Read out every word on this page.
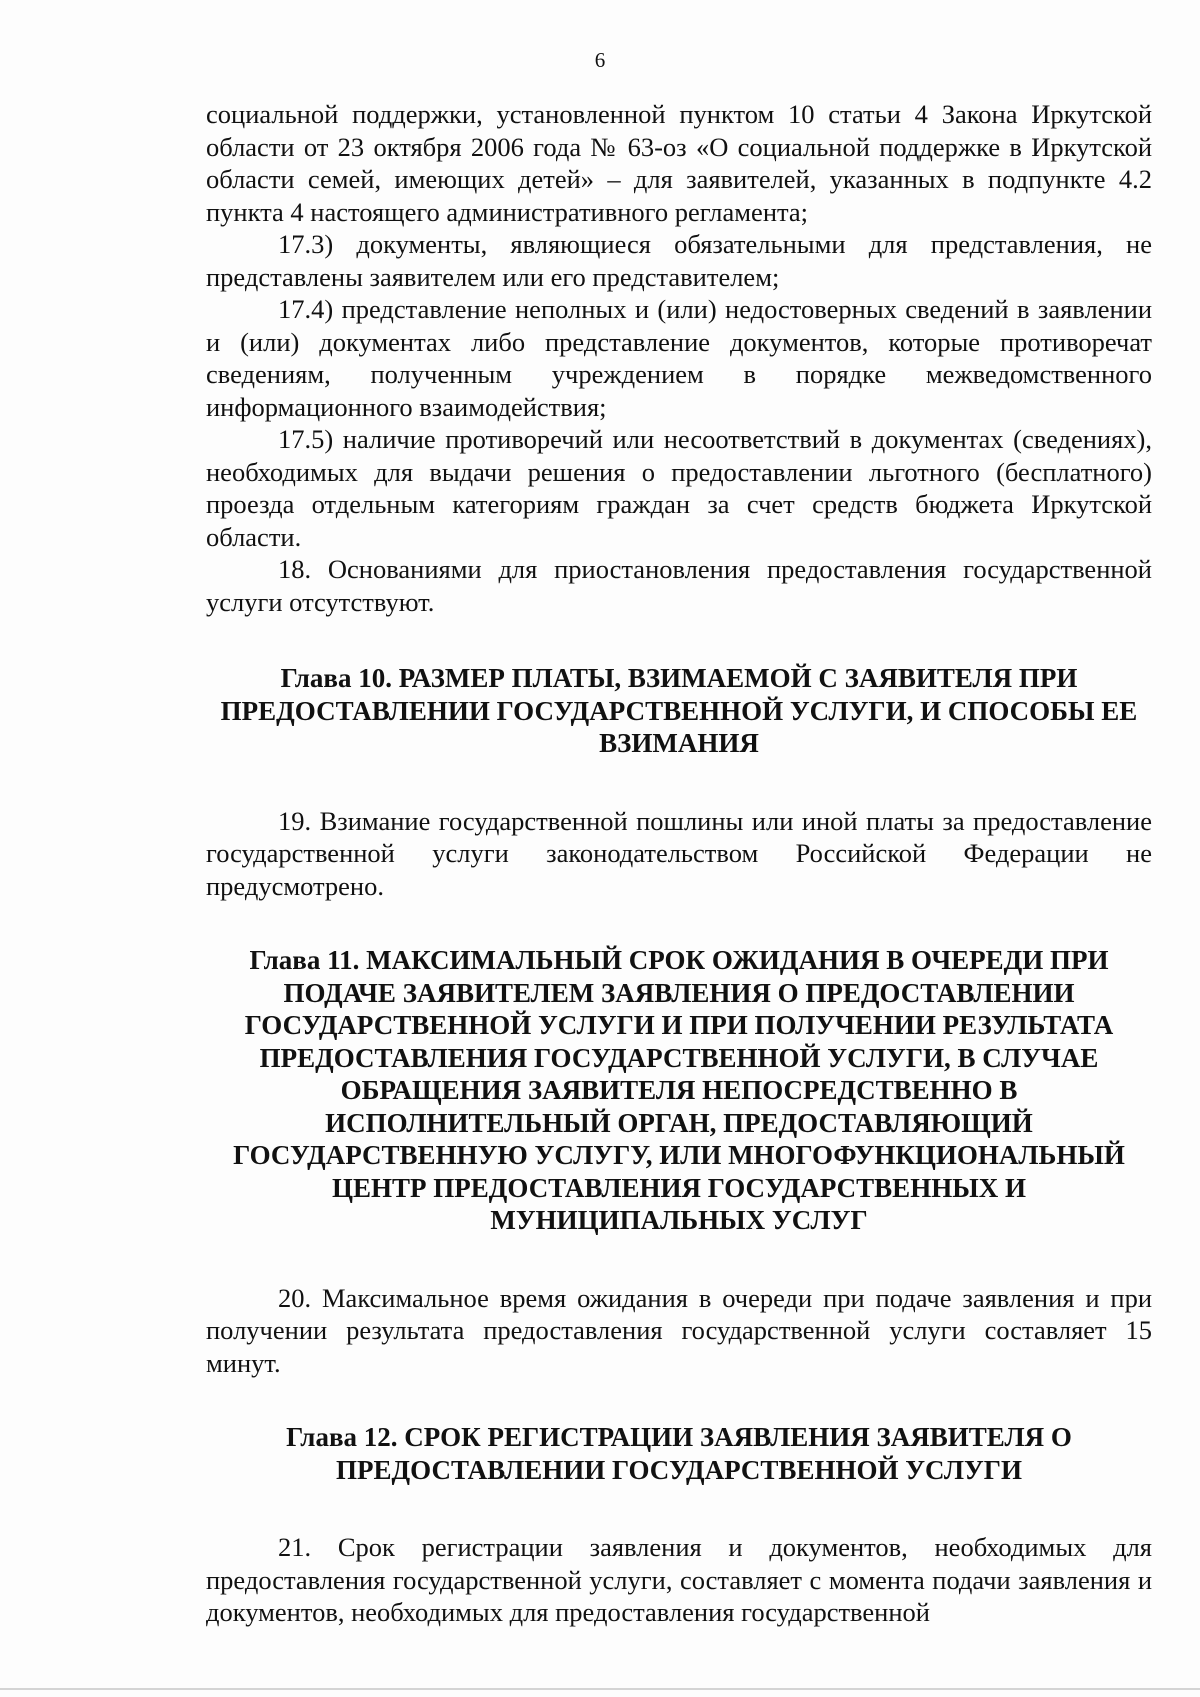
6

социальной поддержки, установленной пунктом 10 статьи 4 Закона Иркутской области от 23 октября 2006 года № 63-оз «О социальной поддержке в Иркутской области семей, имеющих детей» – для заявителей, указанных в подпункте 4.2 пункта 4 настоящего административного регламента;

17.3) документы, являющиеся обязательными для представления, не представлены заявителем или его представителем;

17.4) представление неполных и (или) недостоверных сведений в заявлении и (или) документах либо представление документов, которые противоречат сведениям, полученным учреждением в порядке межведомственного информационного взаимодействия;

17.5) наличие противоречий или несоответствий в документах (сведениях), необходимых для выдачи решения о предоставлении льготного (бесплатного) проезда отдельным категориям граждан за счет средств бюджета Иркутской области.

18. Основаниями для приостановления предоставления государственной услуги отсутствуют.

Глава 10. РАЗМЕР ПЛАТЫ, ВЗИМАЕМОЙ С ЗАЯВИТЕЛЯ ПРИ ПРЕДОСТАВЛЕНИИ ГОСУДАРСТВЕННОЙ УСЛУГИ, И СПОСОБЫ ЕЕ ВЗИМАНИЯ

19. Взимание государственной пошлины или иной платы за предоставление государственной услуги законодательством Российской Федерации не предусмотрено.

Глава 11. МАКСИМАЛЬНЫЙ СРОК ОЖИДАНИЯ В ОЧЕРЕДИ ПРИ ПОДАЧЕ ЗАЯВИТЕЛЕМ ЗАЯВЛЕНИЯ О ПРЕДОСТАВЛЕНИИ ГОСУДАРСТВЕННОЙ УСЛУГИ И ПРИ ПОЛУЧЕНИИ РЕЗУЛЬТАТА ПРЕДОСТАВЛЕНИЯ ГОСУДАРСТВЕННОЙ УСЛУГИ, В СЛУЧАЕ ОБРАЩЕНИЯ ЗАЯВИТЕЛЯ НЕПОСРЕДСТВЕННО В ИСПОЛНИТЕЛЬНЫЙ ОРГАН, ПРЕДОСТАВЛЯЮЩИЙ ГОСУДАРСТВЕННУЮ УСЛУГУ, ИЛИ МНОГОФУНКЦИОНАЛЬНЫЙ ЦЕНТР ПРЕДОСТАВЛЕНИЯ ГОСУДАРСТВЕННЫХ И МУНИЦИПАЛЬНЫХ УСЛУГ

20. Максимальное время ожидания в очереди при подаче заявления и при получении результата предоставления государственной услуги составляет 15 минут.

Глава 12. СРОК РЕГИСТРАЦИИ ЗАЯВЛЕНИЯ ЗАЯВИТЕЛЯ О ПРЕДОСТАВЛЕНИИ ГОСУДАРСТВЕННОЙ УСЛУГИ

21. Срок регистрации заявления и документов, необходимых для предоставления государственной услуги, составляет с момента подачи заявления и документов, необходимых для предоставления государственной
